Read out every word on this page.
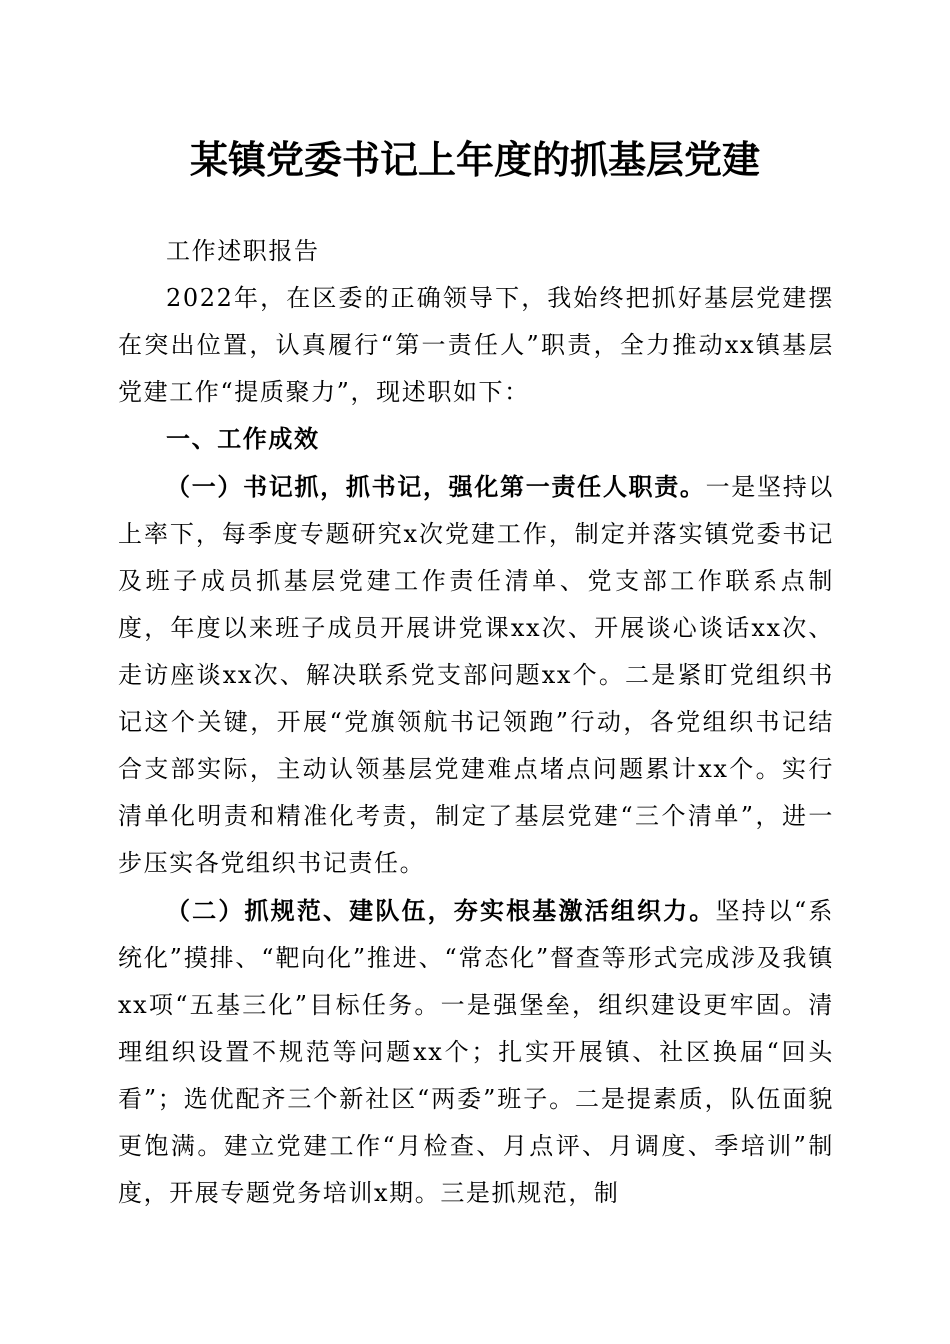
某镇党委书记上年度的抓基层党建

工作述职报告

2022年，在区委的正确领导下，我始终把抓好基层党建摆在突出位置，认真履行“第一责任人”职责，全力推动xx镇基层党建工作“提质聚力”，现述职如下：

一、工作成效

（一）书记抓，抓书记，强化第一责任人职责。一是坚持以上率下，每季度专题研究x次党建工作，制定并落实镇党委书记及班子成员抓基层党建工作责任清单、党支部工作联系点制度，年度以来班子成员开展讲党课xx次、开展谈心谈话xx次、走访座谈xx次、解决联系党支部问题xx个。二是紧盯党组织书记这个关键，开展“党旗领航书记领跑”行动，各党组织书记结合支部实际，主动认领基层党建难点堵点问题累计xx个。实行清单化明责和精准化考责，制定了基层党建“三个清单”，进一步压实各党组织书记责任。

（二）抓规范、建队伍，夯实根基激活组织力。坚持以“系统化”摸排、“靶向化”推进、“常态化”督查等形式完成涉及我镇xx项“五基三化”目标任务。一是强堡垒，组织建设更牢固。清理组织设置不规范等问题xx个；扎实开展镇、社区换届“回头看”；选优配齐三个新社区“两委”班子。二是提素质，队伍面貌更饱满。建立党建工作“月检查、月点评、月调度、季培训”制度，开展专题党务培训x期。三是抓规范，制
